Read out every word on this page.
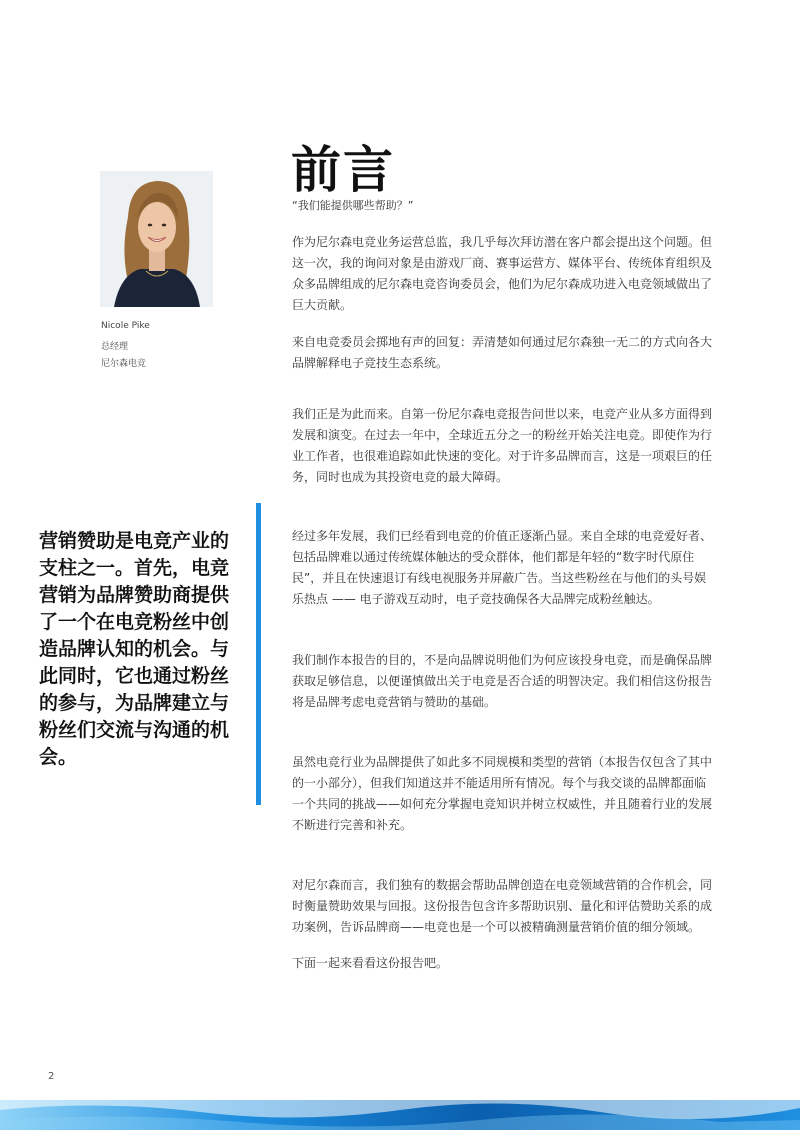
Nicole Pike
总经理
尼尔森电竞
前言
“我们能提供哪些帮助？”

作为尼尔森电竞业务运营总监，我几乎每次拜访潜在客户都会提出这个问题。但这一次，我的询问对象是由游戏厂商、赛事运营方、媒体平台、传统体育组织及众多品牌组成的尼尔森电竞咨询委员会，他们为尼尔森成功进入电竞领域做出了巨大贡献。

来自电竞委员会掷地有声的回复：弄清楚如何通过尼尔森独一无二的方式向各大品牌解释电子竞技生态系统。

我们正是为此而来。自第一份尼尔森电竞报告问世以来，电竞产业从多方面得到发展和演变。在过去一年中，全球近五分之一的粉丝开始关注电竞。即使作为行业工作者，也很难追踪如此快速的变化。对于许多品牌而言，这是一项艰巨的任务，同时也成为其投资电竞的最大障碍。

经过多年发展，我们已经看到电竞的价值正逐渐凸显。来自全球的电竞爱好者、包括品牌难以通过传统媒体触达的受众群体，他们都是年轻的“数字时代原住民”，并且在快速退订有线电视服务并屏蔽广告。当这些粉丝在与他们的头号娱乐热点 —— 电子游戏互动时，电子竞技确保各大品牌完成粉丝触达。

我们制作本报告的目的，不是向品牌说明他们为何应该投身电竞，而是确保品牌获取足够信息，以便谨慎做出关于电竞是否合适的明智决定。我们相信这份报告将是品牌考虑电竞营销与赞助的基础。

虽然电竞行业为品牌提供了如此多不同规模和类型的营销（本报告仅包含了其中的一小部分），但我们知道这并不能适用所有情况。每个与我交谈的品牌都面临一个共同的挑战——如何充分掌握电竞知识并树立权威性，并且随着行业的发展不断进行完善和补充。

对尼尔森而言，我们独有的数据会帮助品牌创造在电竞领域营销的合作机会，同时衡量赞助效果与回报。这份报告包含许多帮助识别、量化和评估赞助关系的成功案例，告诉品牌商——电竞也是一个可以被精确测量营销价值的细分领域。

下面一起来看看这份报告吧。

营销赞助是电竞产业的支柱之一。首先，电竞营销为品牌赞助商提供了一个在电竞粉丝中创造品牌认知的机会。与此同时，它也通过粉丝的参与，为品牌建立与粉丝们交流与沟通的机会。

2
